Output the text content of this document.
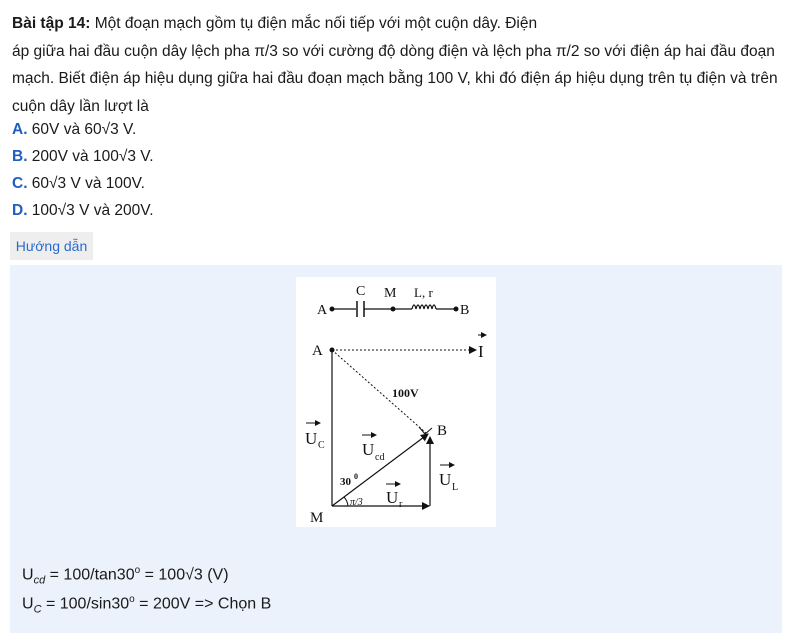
Bài tập 14: Một đoạn mạch gồm tụ điện mắc nối tiếp với một cuộn dây. Điện

áp giữa hai đầu cuộn dây lệch pha π/3 so với cường độ dòng điện và lệch pha π/2 so với điện áp hai đầu đoạn

mạch. Biết điện áp hiệu dụng giữa hai đầu đoạn mạch bằng 100 V, khi đó điện áp hiệu dụng trên tụ điện và trên

cuộn dây lần lượt là

A. 60V và 60√3 V.
B. 200V và 100√3 V.
C. 60√3 V và 100V.
D. 100√3 V và 200V.
Hướng dẫn
A
C M L, r
B
I
A
M
100V
B
U C U cd
U L
U r
30 0
π/3
$U_{cd} = 100/\tan 30^o = 100√3$ (V)
$U_C = 100/\sin 30^o = 200V$ => Chọn B
